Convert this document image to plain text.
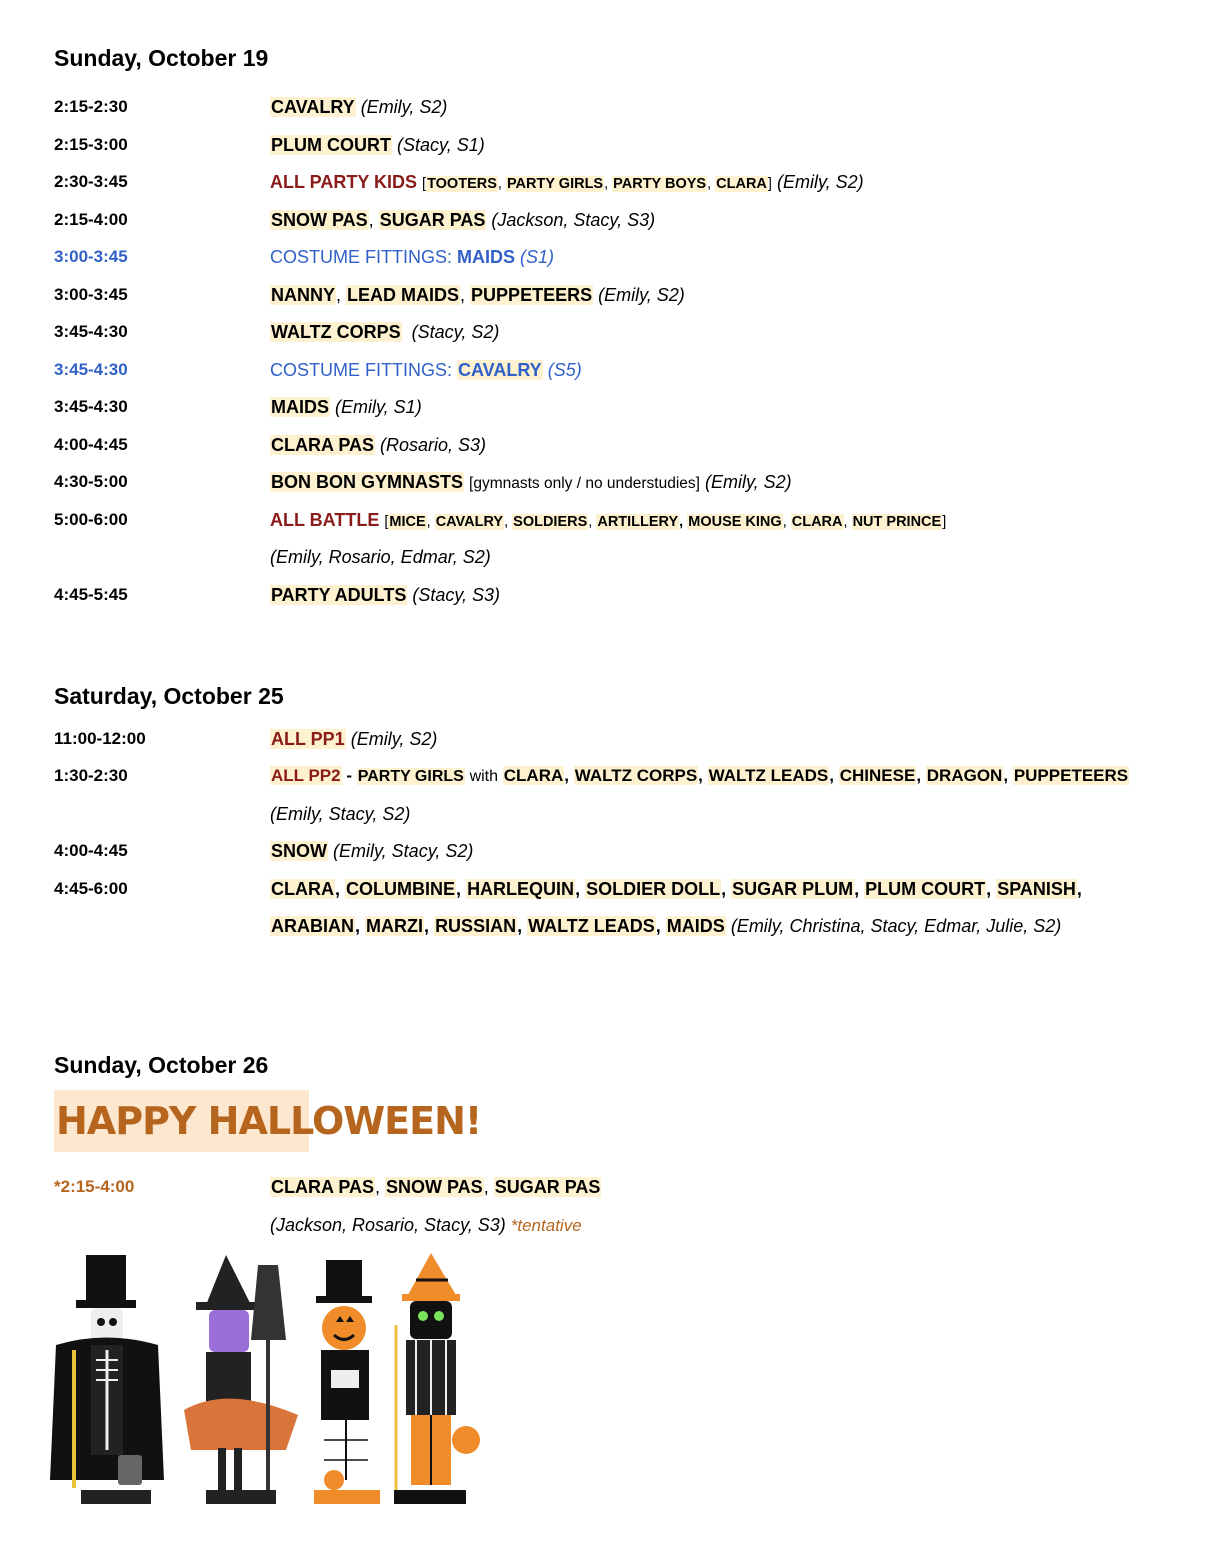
Sunday, October 19
2:15-2:30	CAVALRY (Emily, S2)
2:15-3:00	PLUM COURT (Stacy, S1)
2:30-3:45	ALL PARTY KIDS [TOOTERS, PARTY GIRLS, PARTY BOYS, CLARA] (Emily, S2)
2:15-4:00	SNOW PAS, SUGAR PAS (Jackson, Stacy, S3)
3:00-3:45	COSTUME FITTINGS: MAIDS (S1)
3:00-3:45	NANNY, LEAD MAIDS, PUPPETEERS (Emily, S2)
3:45-4:30	WALTZ CORPS (Stacy, S2)
3:45-4:30	COSTUME FITTINGS: CAVALRY (S5)
3:45-4:30	MAIDS (Emily, S1)
4:00-4:45	CLARA PAS (Rosario, S3)
4:30-5:00	BON BON GYMNASTS [gymnasts only / no understudies] (Emily, S2)
5:00-6:00	ALL BATTLE [MICE, CAVALRY, SOLDIERS, ARTILLERY, MOUSE KING, CLARA, NUT PRINCE]
(Emily, Rosario, Edmar, S2)
4:45-5:45	PARTY ADULTS (Stacy, S3)
Saturday, October 25
11:00-12:00	ALL PP1 (Emily, S2)
1:30-2:30	ALL PP2 - PARTY GIRLS with CLARA, WALTZ CORPS, WALTZ LEADS, CHINESE, DRAGON, PUPPETEERS
(Emily, Stacy, S2)
4:00-4:45	SNOW (Emily, Stacy, S2)
4:45-6:00	CLARA, COLUMBINE, HARLEQUIN, SOLDIER DOLL, SUGAR PLUM, PLUM COURT, SPANISH,
ARABIAN, MARZI, RUSSIAN, WALTZ LEADS, MAIDS (Emily, Christina, Stacy, Edmar, Julie, S2)
Sunday, October 26
HAPPY HALLOWEEN!
*2:15-4:00	CLARA PAS, SNOW PAS, SUGAR PAS
(Jackson, Rosario, Stacy, S3) *tentative
